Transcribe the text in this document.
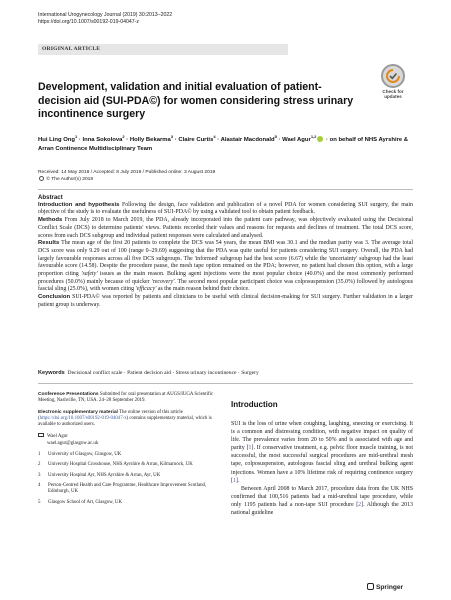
International Urogynecology Journal (2019) 30:2013–2022
https://doi.org/10.1007/s00192-019-04047-z
ORIGINAL ARTICLE
Check for
updates
Development, validation and initial evaluation of patient-decision aid (SUI-PDA©) for women considering stress urinary incontinence surgery
Hui Ling Ong$^1$ · Inna Sokolova$^2$ · Holly Bekarma$^3$ · Claire Curtis$^4$ · Alastair Macdonald$^5$ · Wael Agur$^{1,2}$ · on behalf of NHS Ayrshire & Arran Continence Multidisciplinary Team
Received: 14 May 2019 / Accepted: 8 July 2019 / Published online: 3 August 2019
© The Author(s) 2019
Abstract

Introduction and hypothesis Following the design, face validation and publication of a novel PDA for women considering SUI surgery, the main objective of the study is to evaluate the usefulness of SUI-PDA© by using a validated tool to obtain patient feedback.

Methods From July 2018 to March 2019, the PDA, already incorporated into the patient care pathway, was objectively evaluated using the Decisional Conflict Scale (DCS) to determine patients' views. Patients recorded their values and reasons for requests and declines of treatment. The total DCS score, scores from each DCS subgroup and individual patient responses were calculated and analysed.

Results The mean age of the first 20 patients to complete the DCS was 54 years, the mean BMI was 30.1 and the median parity was 3. The average total DCS score was only 9.29 out of 100 (range 0–29.69) suggesting that the PDA was quite useful for patients considering SUI surgery. Overall, the PDA had largely favourable responses across all five DCS subgroups. The 'informed' subgroup had the best score (6.67) while the 'uncertainty' subgroup had the least favourable score (14.58). Despite the procedure pause, the mesh tape option remained on the PDA; however, no patient had chosen this option, with a large proportion citing 'safety' issues as the main reason. Bulking agent injections were the most popular choice (40.0%) and the most commonly performed procedures (50.0%) mainly because of quicker 'recovery'. The second most popular participant choice was colposuspension (35.0%) followed by autologous fascial sling (25.0%), with women citing 'efficacy' as the main reason behind their choice.

Conclusion SUI-PDA© was reported by patients and clinicians to be useful with clinical decision-making for SUI surgery. Further validation in a larger patient group is underway.

Keywords Decisional conflict scale · Patient decision aid · Stress urinary incontinence · Surgery
Conference Presentations Submitted for oral presentation at AUGS/IUGA Scientific Meeting, Nashville, TN, USA. 24–28 September 2019.
Electronic supplementary material The online version of this article (https://doi.org/10.1007/s00192-019-04047-z) contains supplementary material, which is available to authorized users.
Wael Agur
wael.agur@glasgow.ac.uk
1	University of Glasgow, Glasgow, UK
2	University Hospital Crosshouse, NHS Ayrshire & Arran, Kilmarnock, UK
3	University Hospital Ayr, NHS Ayrshire & Arran, Ayr, UK
4	Person-Centred Health and Care Programme, Healthcare Improvement Scotland, Edinburgh, UK
5	Glasgow School of Art, Glasgow, UK
Introduction

SUI is the loss of urine when coughing, laughing, sneezing or exercising. It is a common and distressing condition, with negative impact on quality of life. The prevalence varies from 20 to 50% and is associated with age and parity [1]. If conservative treatment, e.g. pelvic floor muscle training, is not successful, the most successful surgical procedures are mid-urethral mesh tape, colposuspension, autologous fascial sling and urethral bulking agent injections. Women have a 10% lifetime risk of requiring continence surgery [1].

Between April 2008 to March 2017, procedure data from the UK NHS confirmed that 100,516 patients had a mid-urethral tape procedure, while only 1195 patients had a non-tape SUI procedure [2]. Although the 2013 national guideline

Springer
